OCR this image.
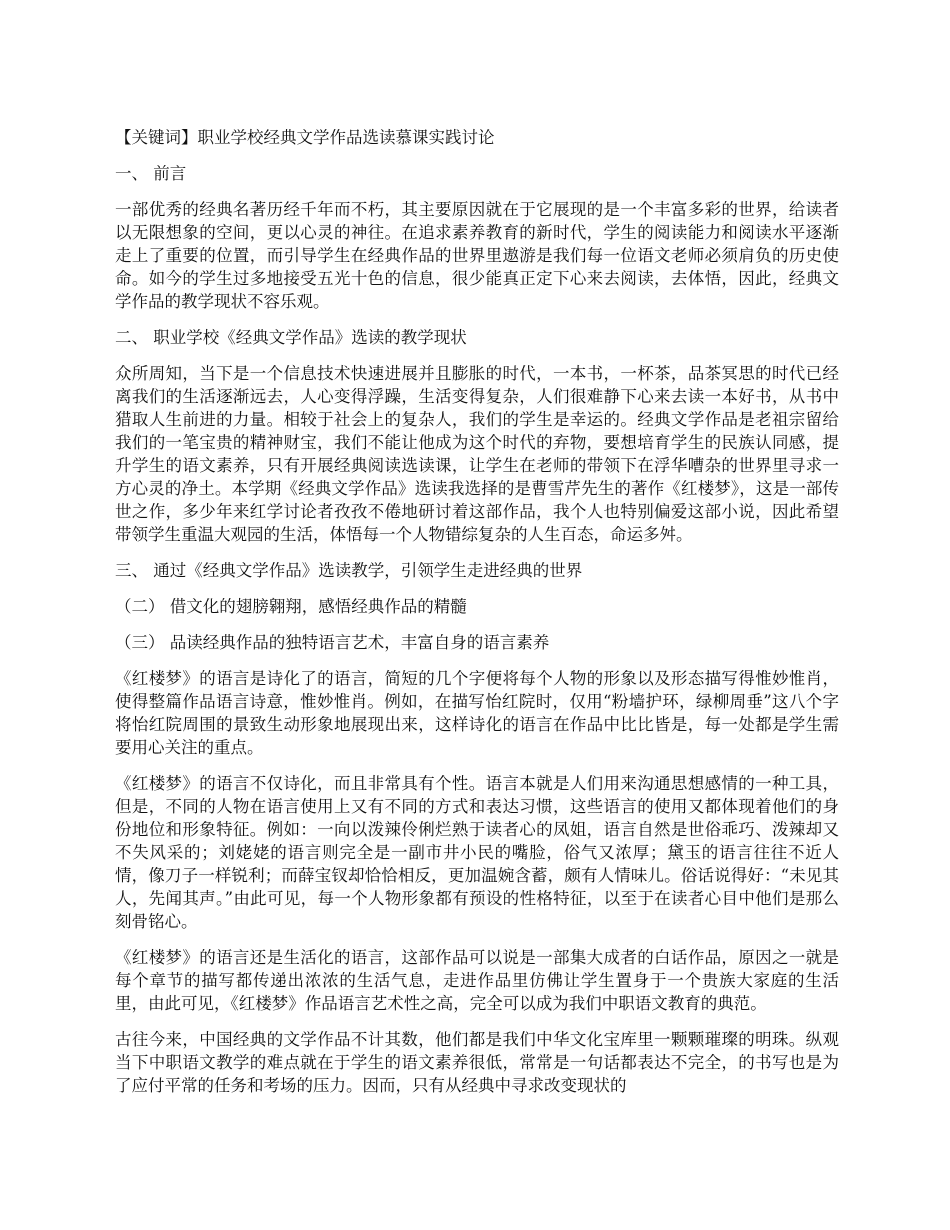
【关键词】职业学校经典文学作品选读慕课实践讨论
一、 前言
一部优秀的经典名著历经千年而不朽，其主要原因就在于它展现的是一个丰富多彩的世界，给读者以无限想象的空间，更以心灵的神往。在追求素养教育的新时代，学生的阅读能力和阅读水平逐渐走上了重要的位置，而引导学生在经典作品的世界里遨游是我们每一位语文老师必须肩负的历史使命。如今的学生过多地接受五光十色的信息，很少能真正定下心来去阅读，去体悟，因此，经典文学作品的教学现状不容乐观。
二、 职业学校《经典文学作品》选读的教学现状
众所周知，当下是一个信息技术快速进展并且膨胀的时代，一本书，一杯茶，品茶冥思的时代已经离我们的生活逐渐远去，人心变得浮躁，生活变得复杂，人们很难静下心来去读一本好书，从书中猎取人生前进的力量。相较于社会上的复杂人，我们的学生是幸运的。经典文学作品是老祖宗留给我们的一笔宝贵的精神财宝，我们不能让他成为这个时代的弃物，要想培育学生的民族认同感，提升学生的语文素养，只有开展经典阅读选读课，让学生在老师的带领下在浮华嘈杂的世界里寻求一方心灵的净土。本学期《经典文学作品》选读我选择的是曹雪芹先生的著作《红楼梦》，这是一部传世之作，多少年来红学讨论者孜孜不倦地研讨着这部作品，我个人也特别偏爱这部小说，因此希望带领学生重温大观园的生活，体悟每一个人物错综复杂的人生百态，命运多舛。
三、 通过《经典文学作品》选读教学，引领学生走进经典的世界
（二） 借文化的翅膀翱翔，感悟经典作品的精髓
（三） 品读经典作品的独特语言艺术，丰富自身的语言素养
《红楼梦》的语言是诗化了的语言，简短的几个字便将每个人物的形象以及形态描写得惟妙惟肖，使得整篇作品语言诗意，惟妙惟肖。例如，在描写怡红院时，仅用“粉墙护环，绿柳周垂”这八个字将怡红院周围的景致生动形象地展现出来，这样诗化的语言在作品中比比皆是，每一处都是学生需要用心关注的重点。
《红楼梦》的语言不仅诗化，而且非常具有个性。语言本就是人们用来沟通思想感情的一种工具，但是，不同的人物在语言使用上又有不同的方式和表达习惯，这些语言的使用又都体现着他们的身份地位和形象特征。例如：一向以泼辣伶俐烂熟于读者心的凤姐，语言自然是世俗乖巧、泼辣却又不失风采的；刘姥姥的语言则完全是一副市井小民的嘴脸，俗气又浓厚；黛玉的语言往往不近人情，像刀子一样锐利；而薛宝钗却恰恰相反，更加温婉含蓄，颇有人情味儿。俗话说得好：“未见其人，先闻其声。”由此可见，每一个人物形象都有预设的性格特征，以至于在读者心目中他们是那么刻骨铭心。
《红楼梦》的语言还是生活化的语言，这部作品可以说是一部集大成者的白话作品，原因之一就是每个章节的描写都传递出浓浓的生活气息，走进作品里仿佛让学生置身于一个贵族大家庭的生活里，由此可见，《红楼梦》作品语言艺术性之高，完全可以成为我们中职语文教育的典范。
古往今来，中国经典的文学作品不计其数，他们都是我们中华文化宝库里一颗颗璀璨的明珠。纵观当下中职语文教学的难点就在于学生的语文素养很低，常常是一句话都表达不完全，的书写也是为了应付平常的任务和考场的压力。因而，只有从经典中寻求改变现状的
